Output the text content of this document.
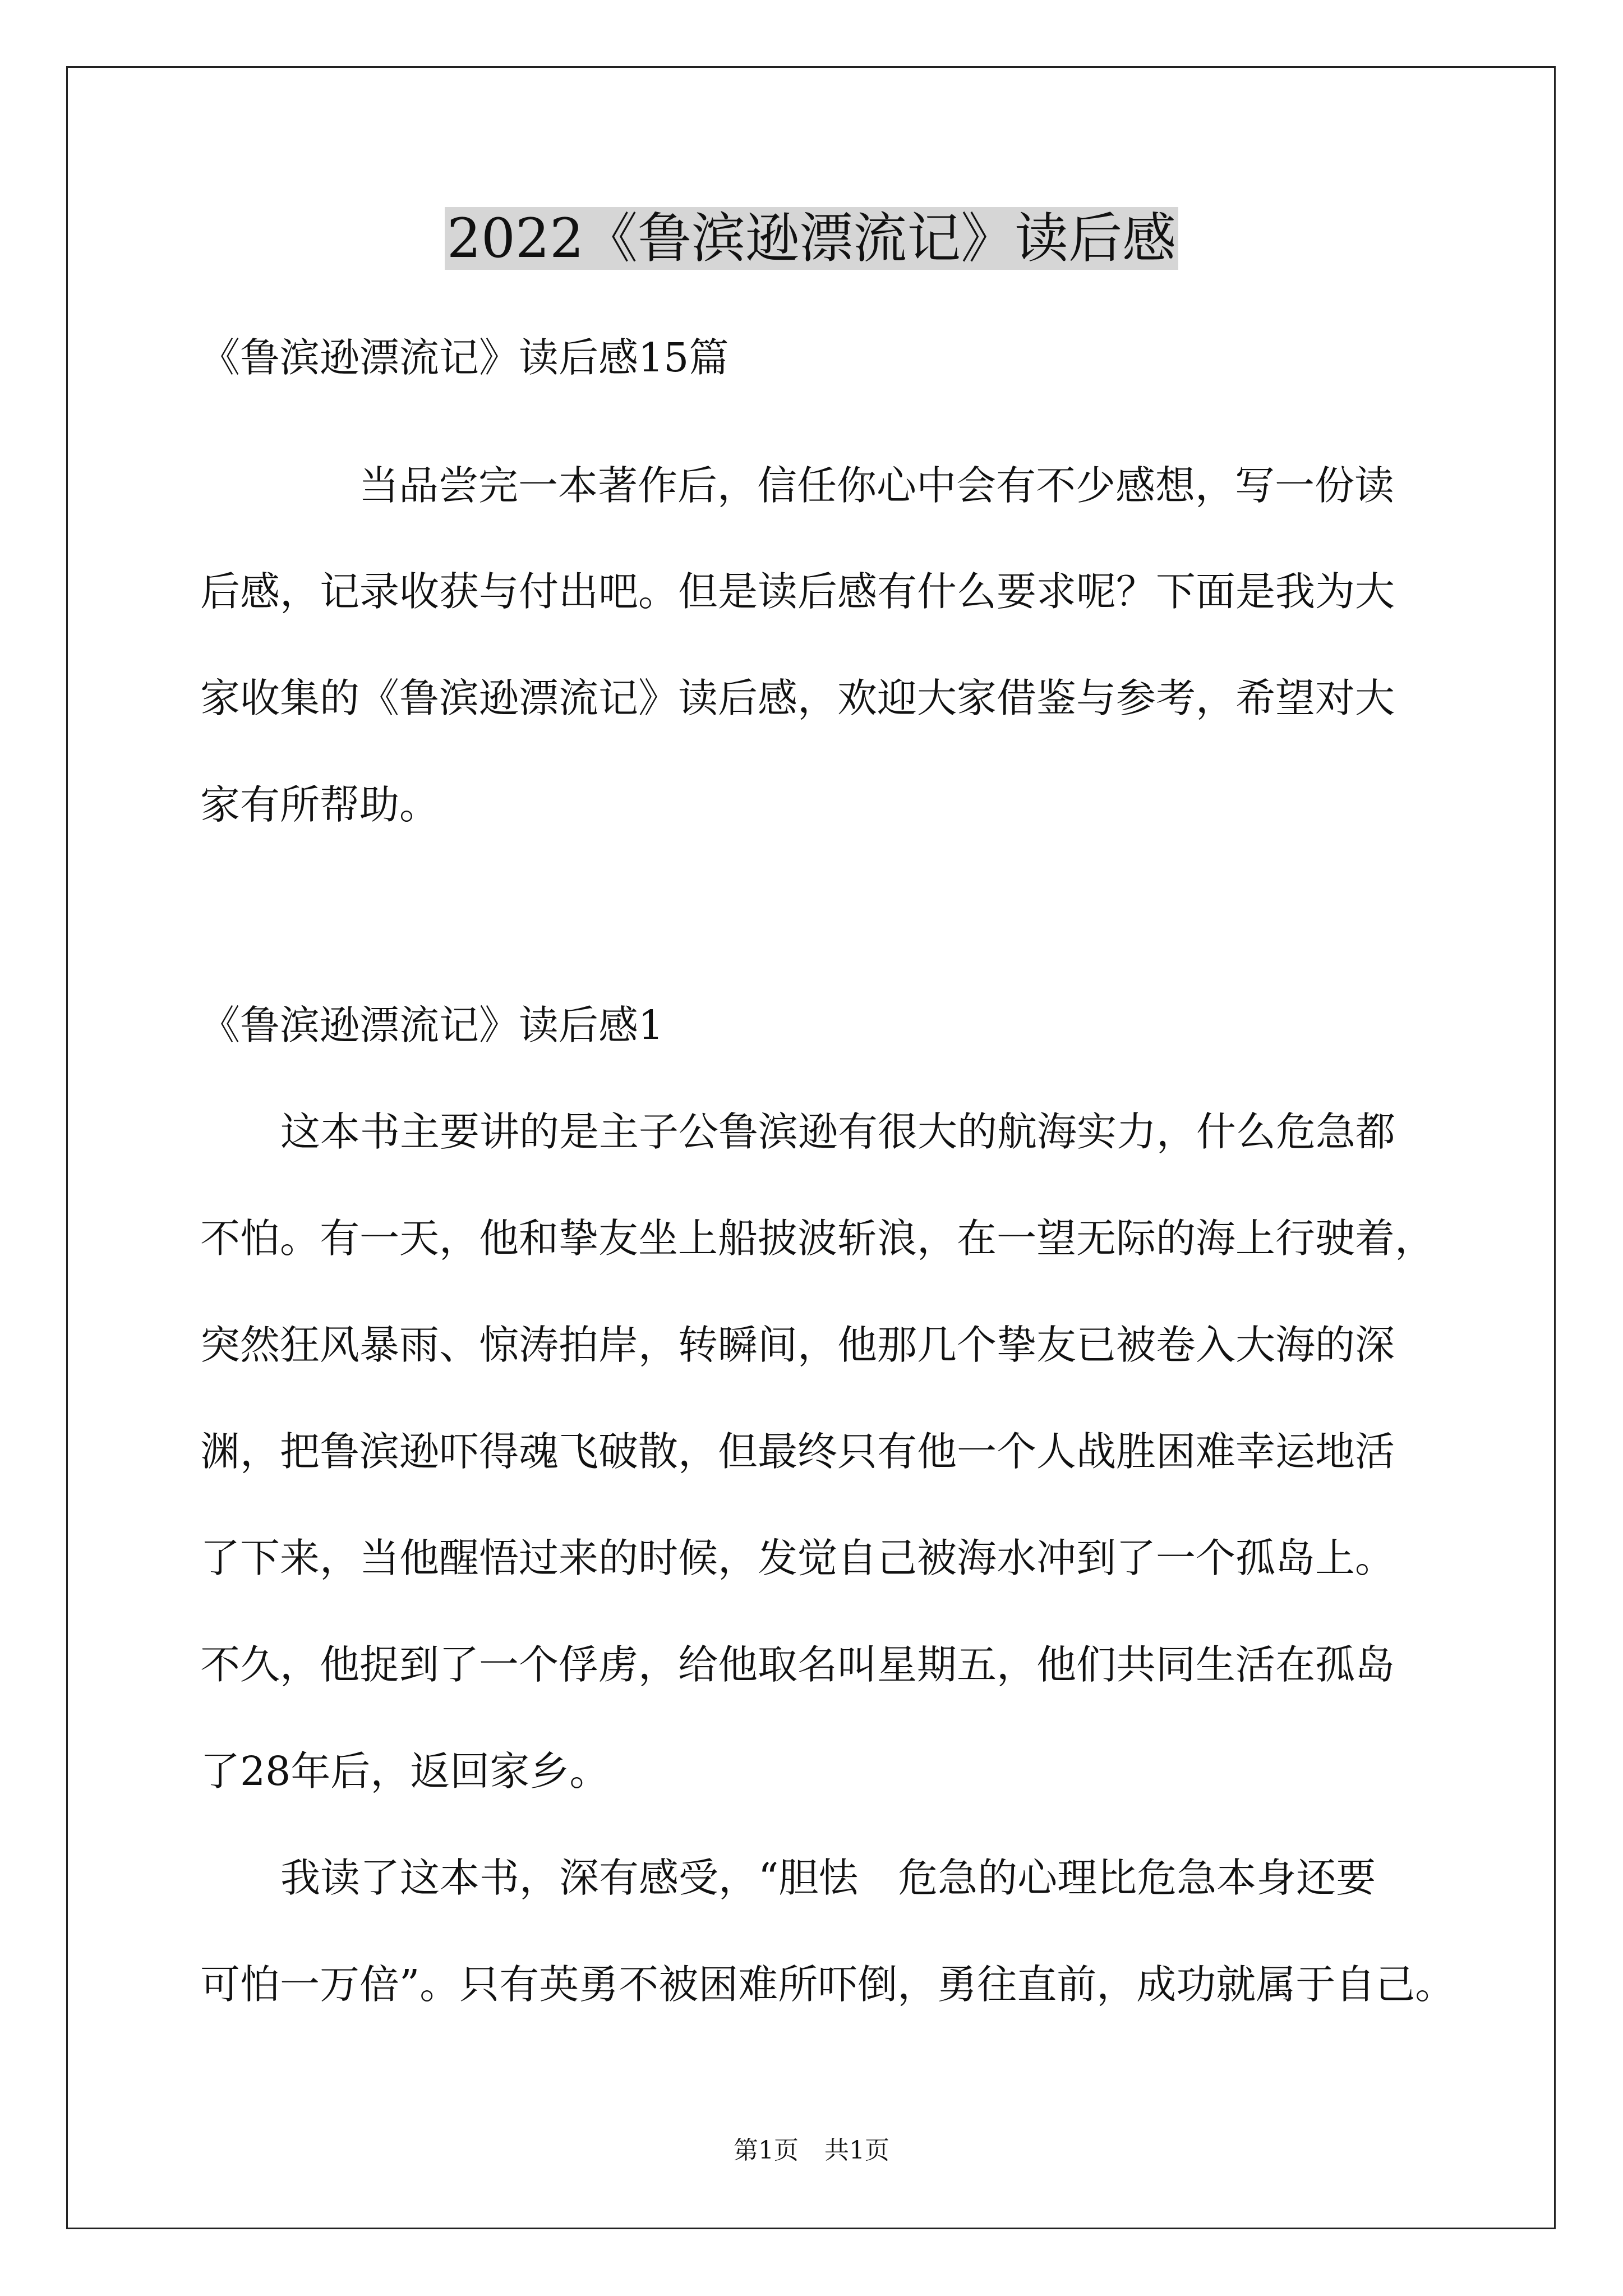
2022《鲁滨逊漂流记》读后感
《鲁滨逊漂流记》读后感15篇
当品尝完一本著作后，信任你心中会有不少感想，写一份读
后感，记录收获与付出吧。但是读后感有什么要求呢？下面是我为大
家收集的《鲁滨逊漂流记》读后感，欢迎大家借鉴与参考，希望对大
家有所帮助。
《鲁滨逊漂流记》读后感1
这本书主要讲的是主子公鲁滨逊有很大的航海实力，什么危急都
不怕。有一天，他和挚友坐上船披波斩浪，在一望无际的海上行驶着，
突然狂风暴雨、惊涛拍岸，转瞬间，他那几个挚友已被卷入大海的深
渊，把鲁滨逊吓得魂飞破散，但最终只有他一个人战胜困难幸运地活
了下来，当他醒悟过来的时候，发觉自己被海水冲到了一个孤岛上。
不久，他捉到了一个俘虏，给他取名叫星期五，他们共同生活在孤岛
了28年后，返回家乡。
我读了这本书，深有感受，“胆怯　危急的心理比危急本身还要
可怕一万倍”。只有英勇不被困难所吓倒，勇往直前，成功就属于自己。
第1页 共1页
